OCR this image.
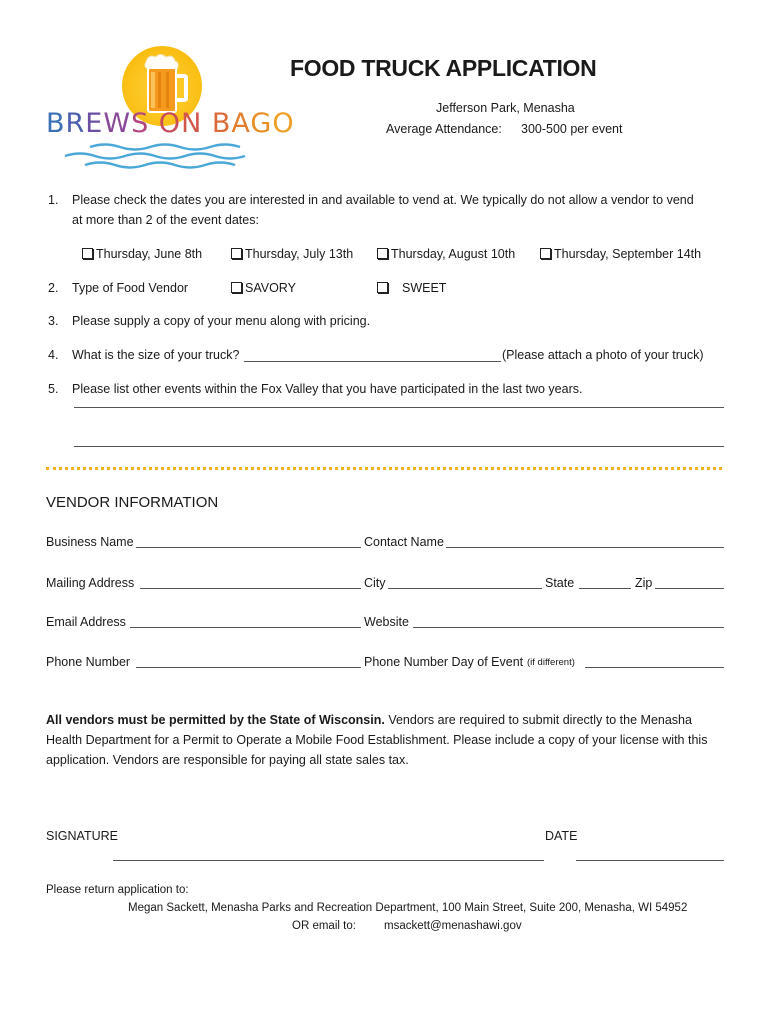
BREWS ON BAGO
FOOD TRUCK APPLICATION
Jefferson Park, Menasha
Average Attendance: 300-500 per event
1. Please check the dates you are interested in and available to vend at. We typically do not allow a vendor to vend
at more than 2 of the event dates:
Thursday, June 8th	Thursday, July 13th	Thursday, August 10th	Thursday, September 14th
2. Type of Food Vendor	SAVORY	SWEET
3. Please supply a copy of your menu along with pricing.
4. What is the size of your truck?	(Please attach a photo of your truck)
5. Please list other events within the Fox Valley that you have participated in the last two years.
VENDOR INFORMATION
Business Name	Contact Name
Mailing Address	City	State	Zip
Email Address	Website
Phone Number	Phone Number Day of Event (if different)
All vendors must be permitted by the State of Wisconsin. Vendors are required to submit directly to the Menasha Health Department for a Permit to Operate a Mobile Food Establishment. Please include a copy of your license with this application. Vendors are responsible for paying all state sales tax.
SIGNATURE	DATE
Please return application to:
Megan Sackett, Menasha Parks and Recreation Department, 100 Main Street, Suite 200, Menasha, WI 54952
OR email to: msackett@menashawi.gov
